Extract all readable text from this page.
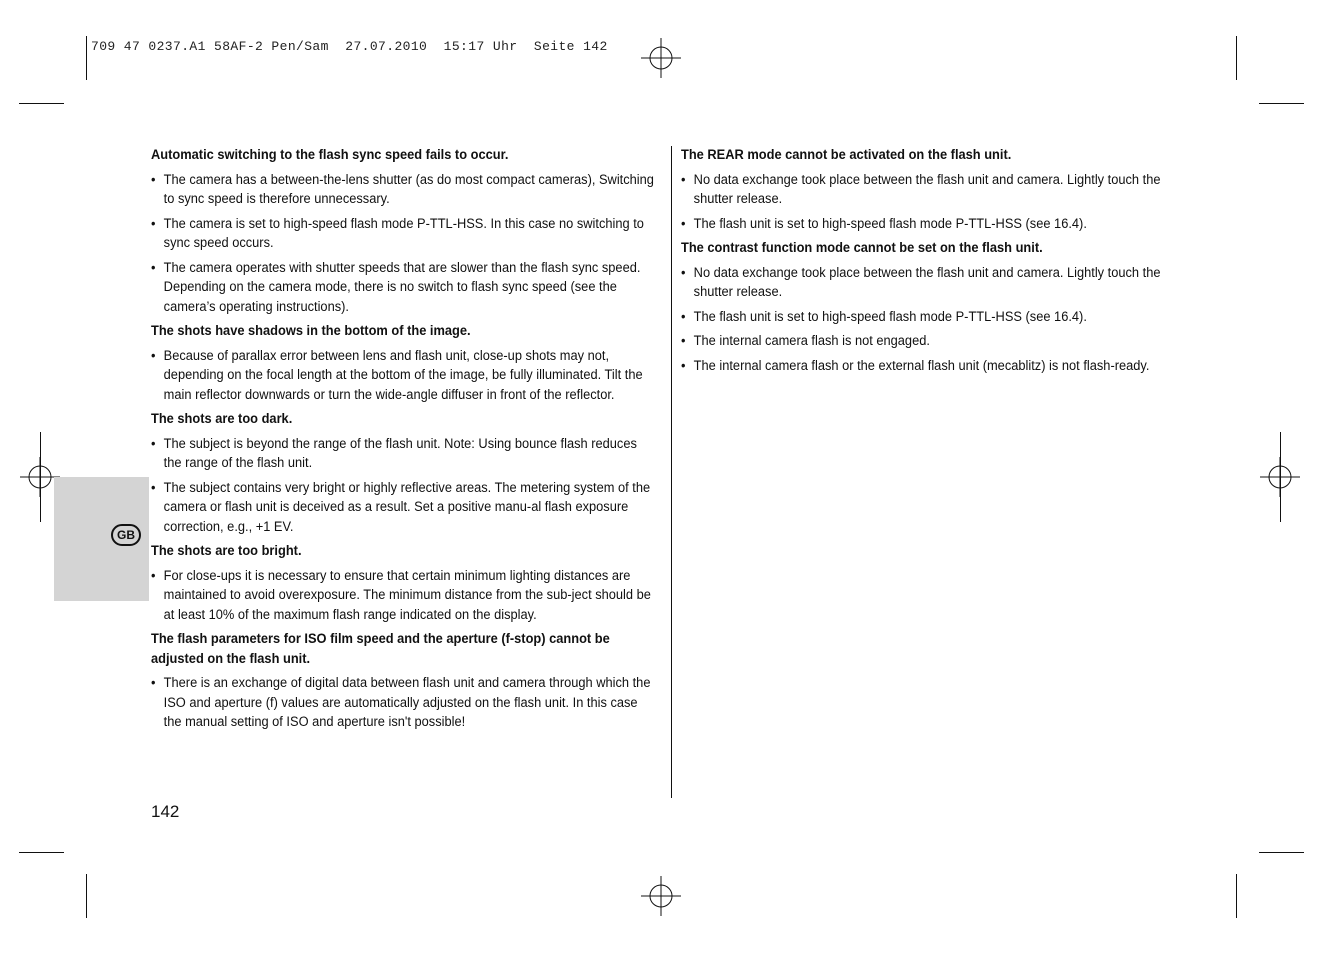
709 47 0237.A1 58AF-2 Pen/Sam  27.07.2010  15:17 Uhr  Seite 142
GB
Automatic switching to the flash sync speed fails to occur.
• The camera has a between-the-lens shutter (as do most compact cameras), Switching to sync speed is therefore unnecessary.
• The camera is set to high-speed flash mode P-TTL-HSS. In this case no switching to sync speed occurs.
• The camera operates with shutter speeds that are slower than the flash sync speed. Depending on the camera mode, there is no switch to flash sync speed (see the camera’s operating instructions).
The shots have shadows in the bottom of the image.
• Because of parallax error between lens and flash unit, close-up shots may not, depending on the focal length at the bottom of the image, be fully illuminated. Tilt the main reflector downwards or turn the wide-angle diffuser in front of the reflector.
The shots are too dark.
• The subject is beyond the range of the flash unit. Note: Using bounce flash reduces the range of the flash unit.
• The subject contains very bright or highly reflective areas. The metering system of the camera or flash unit is deceived as a result. Set a positive manu-al flash exposure correction, e.g., +1 EV.
The shots are too bright.
• For close-ups it is necessary to ensure that certain minimum lighting distances are maintained to avoid overexposure. The minimum distance from the sub-ject should be at least 10% of the maximum flash range indicated on the display.
The flash parameters for ISO film speed and the aperture (f-stop) cannot be adjusted on the flash unit.
• There is an exchange of digital data between flash unit and camera through which the ISO and aperture (f) values are automatically adjusted on the flash unit. In this case the manual setting of ISO and aperture isn't possible!
The REAR mode cannot be activated on the flash unit.
• No data exchange took place between the flash unit and camera. Lightly touch the shutter release.
• The flash unit is set to high-speed flash mode P-TTL-HSS (see 16.4).
The contrast function mode cannot be set on the flash unit.
• No data exchange took place between the flash unit and camera. Lightly touch the shutter release.
• The flash unit is set to high-speed flash mode P-TTL-HSS (see 16.4).
• The internal camera flash is not engaged.
• The internal camera flash or the external flash unit (mecablitz) is not flash-ready.
142
